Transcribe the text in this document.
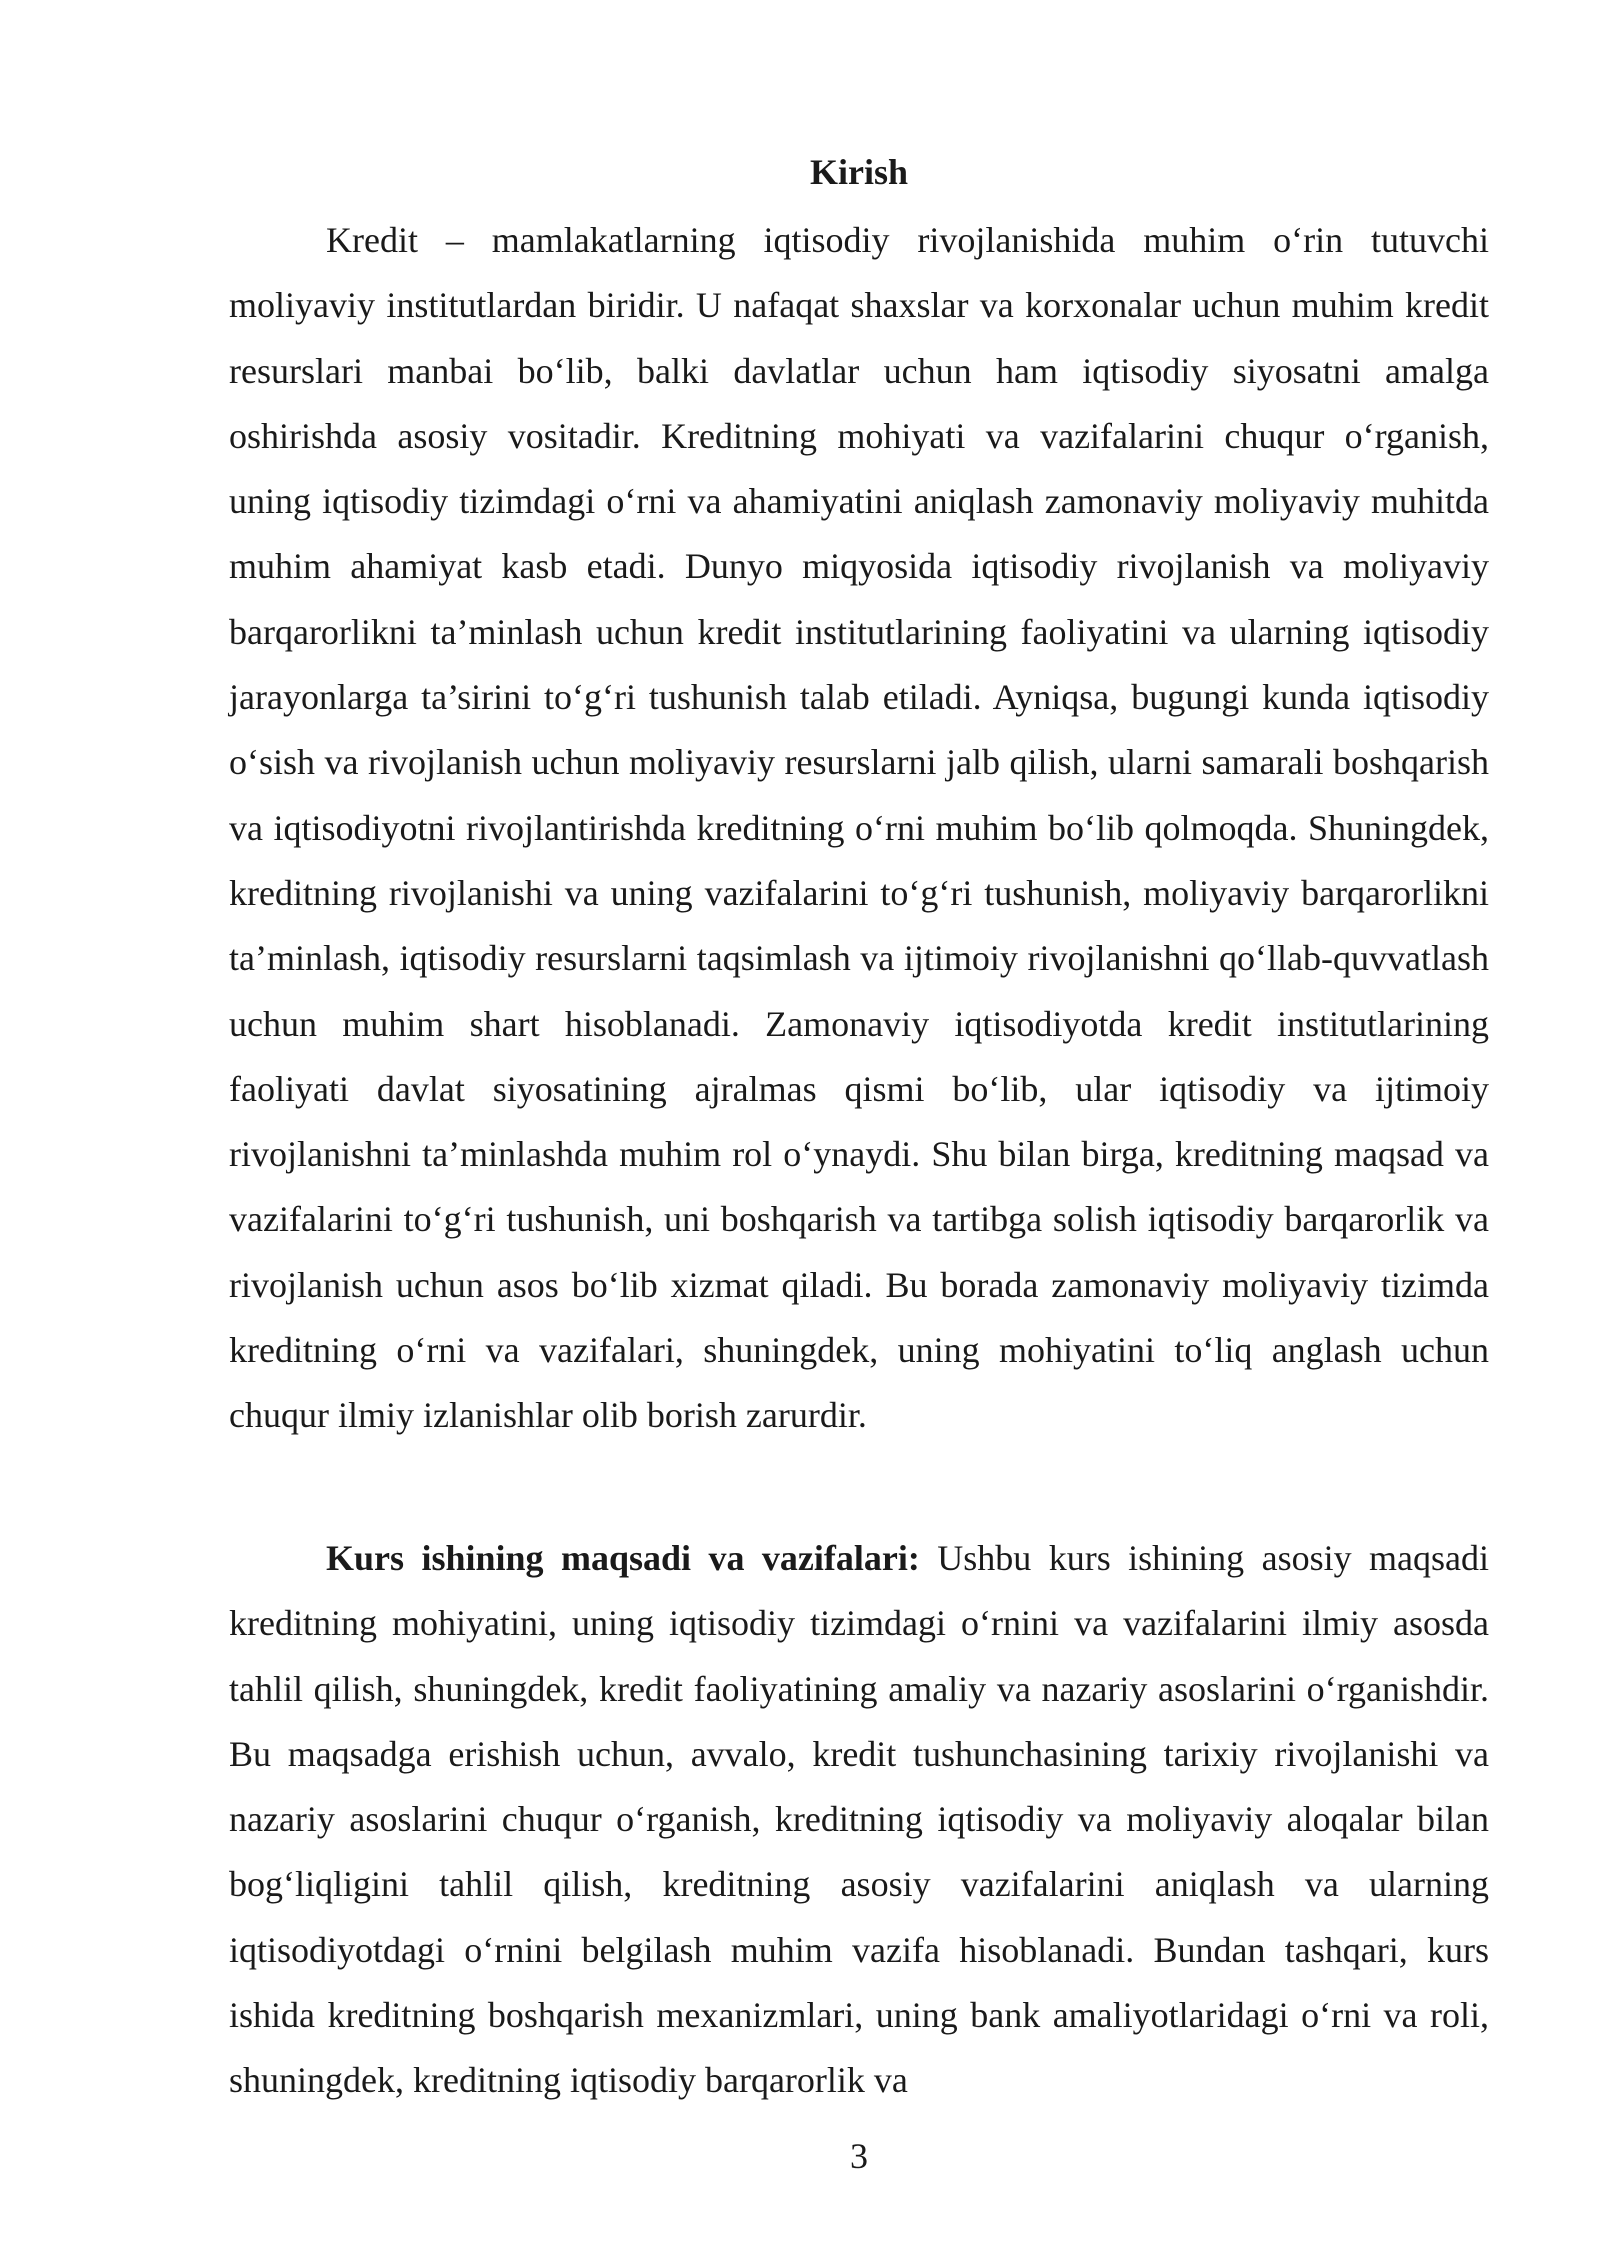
Kirish

Kredit – mamlakatlarning iqtisodiy rivojlanishida muhim o‘rin tutuvchi moliyaviy institutlardan biridir. U nafaqat shaxslar va korxonalar uchun muhim kredit resurslari manbai bo‘lib, balki davlatlar uchun ham iqtisodiy siyosatni amalga oshirishda asosiy vositadir. Kreditning mohiyati va vazifalarini chuqur o‘rganish, uning iqtisodiy tizimdagi o‘rni va ahamiyatini aniqlash zamonaviy moliyaviy muhitda muhim ahamiyat kasb etadi. Dunyo miqyosida iqtisodiy rivojlanish va moliyaviy barqarorlikni ta’minlash uchun kredit institutlarining faoliyatini va ularning iqtisodiy jarayonlarga ta’sirini to‘g‘ri tushunish talab etiladi. Ayniqsa, bugungi kunda iqtisodiy o‘sish va rivojlanish uchun moliyaviy resurslarni jalb qilish, ularni samarali boshqarish va iqtisodiyotni rivojlantirishda kreditning o‘rni muhim bo‘lib qolmoqda. Shuningdek, kreditning rivojlanishi va uning vazifalarini to‘g‘ri tushunish, moliyaviy barqarorlikni ta’minlash, iqtisodiy resurslarni taqsimlash va ijtimoiy rivojlanishni qo‘llab-quvvatlash uchun muhim shart hisoblanadi. Zamonaviy iqtisodiyotda kredit institutlarining faoliyati davlat siyosatining ajralmas qismi bo‘lib, ular iqtisodiy va ijtimoiy rivojlanishni ta’minlashda muhim rol o‘ynaydi. Shu bilan birga, kreditning maqsad va vazifalarini to‘g‘ri tushunish, uni boshqarish va tartibga solish iqtisodiy barqarorlik va rivojlanish uchun asos bo‘lib xizmat qiladi. Bu borada zamonaviy moliyaviy tizimda kreditning o‘rni va vazifalari, shuningdek, uning mohiyatini to‘liq anglash uchun chuqur ilmiy izlanishlar olib borish zarurdir.

Kurs ishining maqsadi va vazifalari: Ushbu kurs ishining asosiy maqsadi kreditning mohiyatini, uning iqtisodiy tizimdagi o‘rnini va vazifalarini ilmiy asosda tahlil qilish, shuningdek, kredit faoliyatining amaliy va nazariy asoslarini o‘rganishdir. Bu maqsadga erishish uchun, avvalo, kredit tushunchasining tarixiy rivojlanishi va nazariy asoslarini chuqur o‘rganish, kreditning iqtisodiy va moliyaviy aloqalar bilan bog‘liqligini tahlil qilish, kreditning asosiy vazifalarini aniqlash va ularning iqtisodiyotdagi o‘rnini belgilash muhim vazifa hisoblanadi. Bundan tashqari, kurs ishida kreditning boshqarish mexanizmlari, uning bank amaliyotlaridagi o‘rni va roli, shuningdek, kreditning iqtisodiy barqarorlik va

3
